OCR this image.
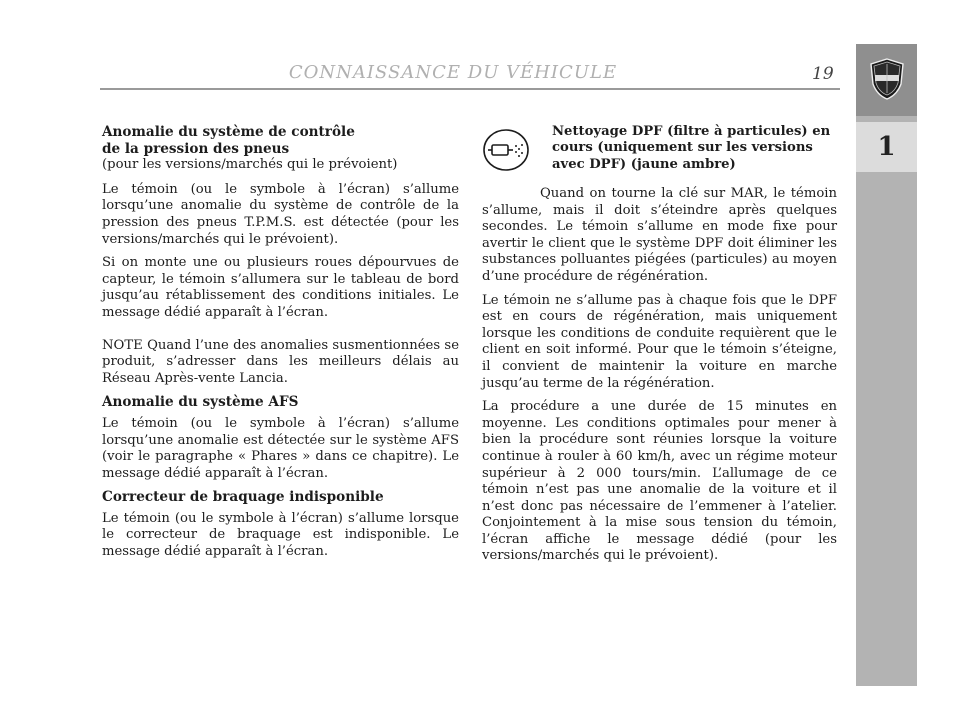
CONNAISSANCE DU VÉHICULE	19
1
Anomalie du système de contrôle
de la pression des pneus

(pour les versions/marchés qui le prévoient)

Le témoin (ou le symbole à l’écran) s’allume lorsqu’une anomalie du système de contrôle de la pression des pneus T.P.M.S. est détectée (pour les versions/marchés qui le prévoient).

Si on monte une ou plusieurs roues dépourvues de capteur, le témoin s’allumera sur le tableau de bord jusqu’au rétablissement des conditions initiales. Le message dédié apparaît à l’écran.

NOTE Quand l’une des anomalies susmentionnées se produit, s’adresser dans les meilleurs délais au Réseau Après-vente Lancia.

Anomalie du système AFS

Le témoin (ou le symbole à l’écran) s’allume lorsqu’une anomalie est détectée sur le système AFS (voir le paragraphe « Phares » dans ce chapitre). Le message dédié apparaît à l’écran.

Correcteur de braquage indisponible

Le témoin (ou le symbole à l’écran) s’allume lorsque le correcteur de braquage est indisponible. Le message dédié apparaît à l’écran.

Nettoyage DPF (filtre à particules) en cours (uniquement sur les versions avec DPF) (jaune ambre)

Quand on tourne la clé sur MAR, le témoin s’allume, mais il doit s’éteindre après quelques secondes. Le témoin s’allume en mode fixe pour avertir le client que le système DPF doit éliminer les substances polluantes piégées (particules) au moyen d’une procédure de régénération.

Le témoin ne s’allume pas à chaque fois que le DPF est en cours de régénération, mais uniquement lorsque les conditions de conduite requièrent que le client en soit informé. Pour que le témoin s’éteigne, il convient de maintenir la voiture en marche jusqu’au terme de la régénération.

La procédure a une durée de 15 minutes en moyenne. Les conditions optimales pour mener à bien la procédure sont réunies lorsque la voiture continue à rouler à 60 km/h, avec un régime moteur supérieur à 2 000 tours/min. L’allumage de ce témoin n’est pas une anomalie de la voiture et il n’est donc pas nécessaire de l’emmener à l’atelier. Conjointement à la mise sous tension du témoin, l’écran affiche le message dédié (pour les versions/marchés qui le prévoient).
